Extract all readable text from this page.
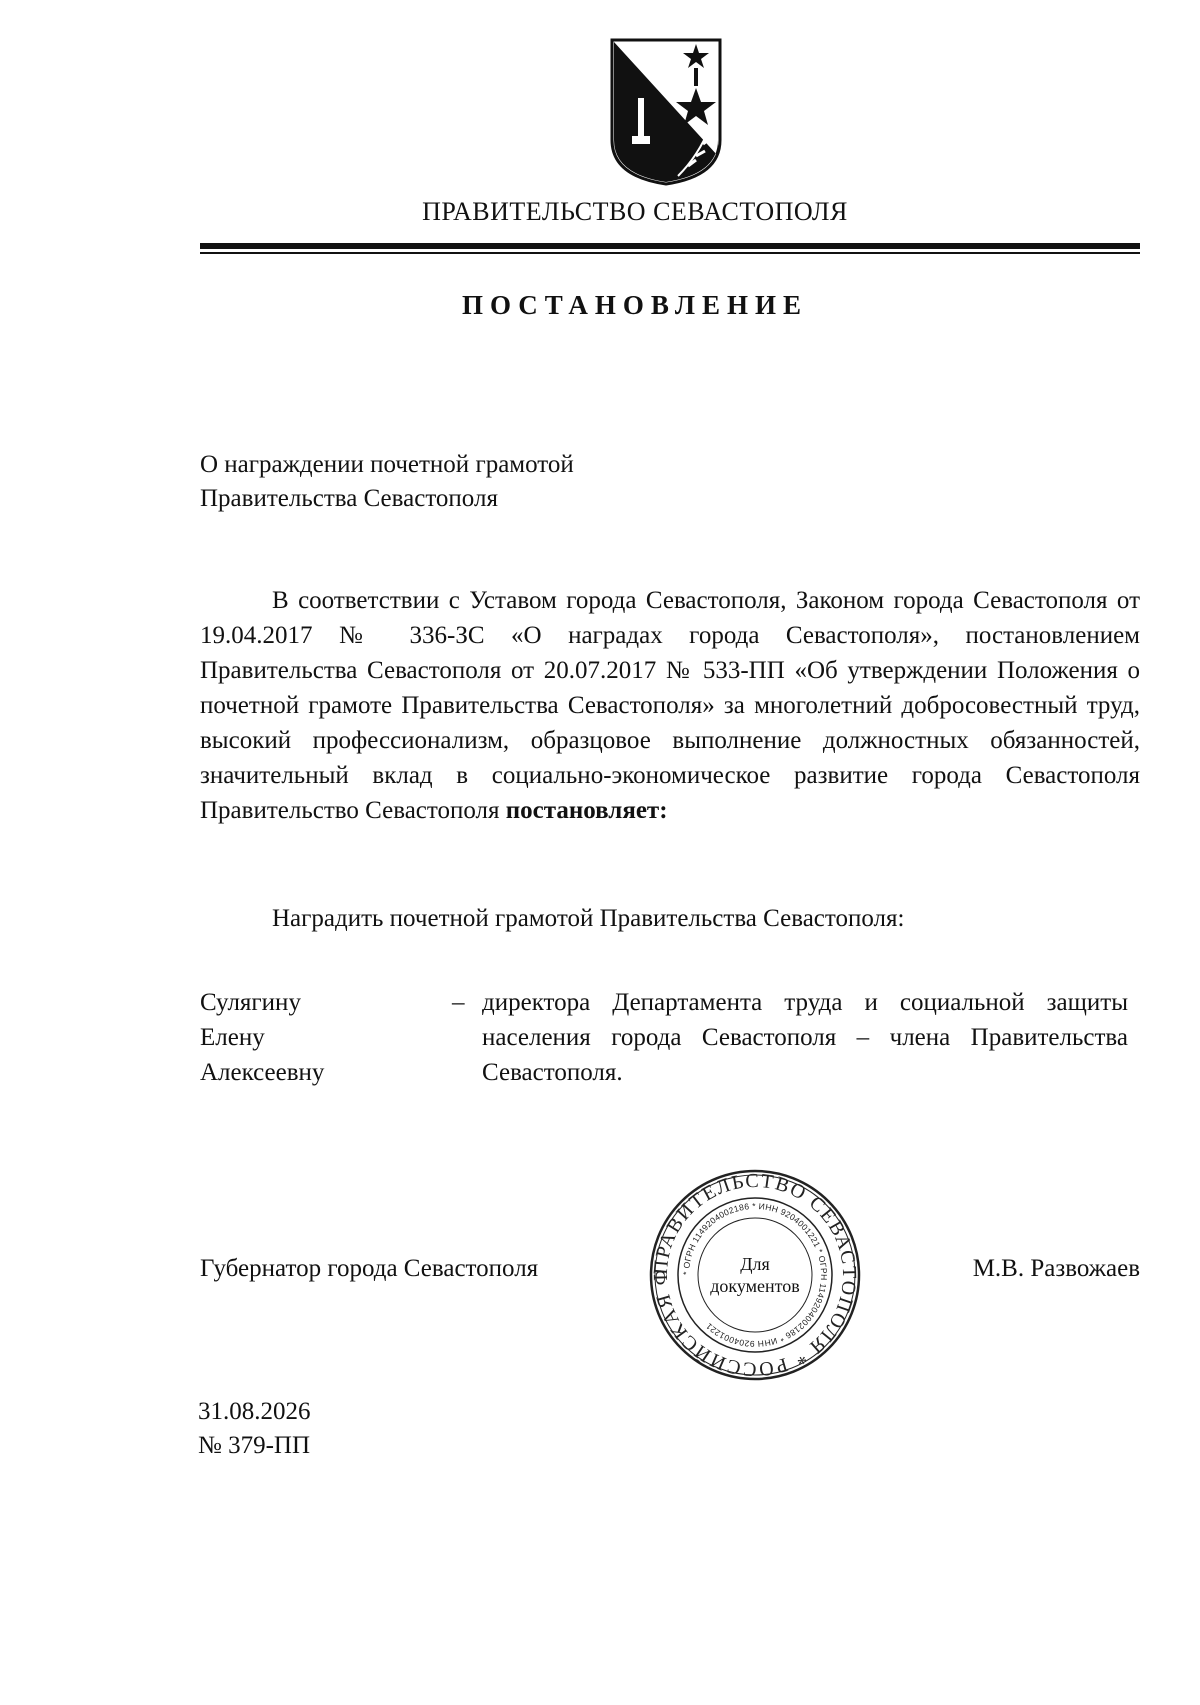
ПРАВИТЕЛЬСТВО СЕВАСТОПОЛЯ
ПОСТАНОВЛЕНИЕ
О награждении почетной грамотой
Правительства Севастополя

В соответствии с Уставом города Севастополя, Законом города Севастополя от 19.04.2017 № 336-ЗС «О наградах города Севастополя», постановлением Правительства Севастополя от 20.07.2017 № 533-ПП «Об утверждении Положения о почетной грамоте Правительства Севастополя» за многолетний добросовестный труд, высокий профессионализм, образцовое выполнение должностных обязанностей, значительный вклад в социально-экономическое развитие города Севастополя Правительство Севастополя постановляет:

Наградить почетной грамотой Правительства Севастополя:
Сулягину
Елену
Алексеевну
– директора Департамента труда и социальной защиты населения города Севастополя – члена Правительства Севастополя.

Губернатор города Севастополя	ПРАВИТЕЛЬСТВО СЕВАСТОПОЛЯ * РОССИЙСКАЯ Ф	* ОГРН 1149204002186 * ИНН 9204001221 * ОГРН 1149204002186 * ИНН 9204001221
Для
документов
М.В. Развожаев
31.08.2026
№ 379-ПП
